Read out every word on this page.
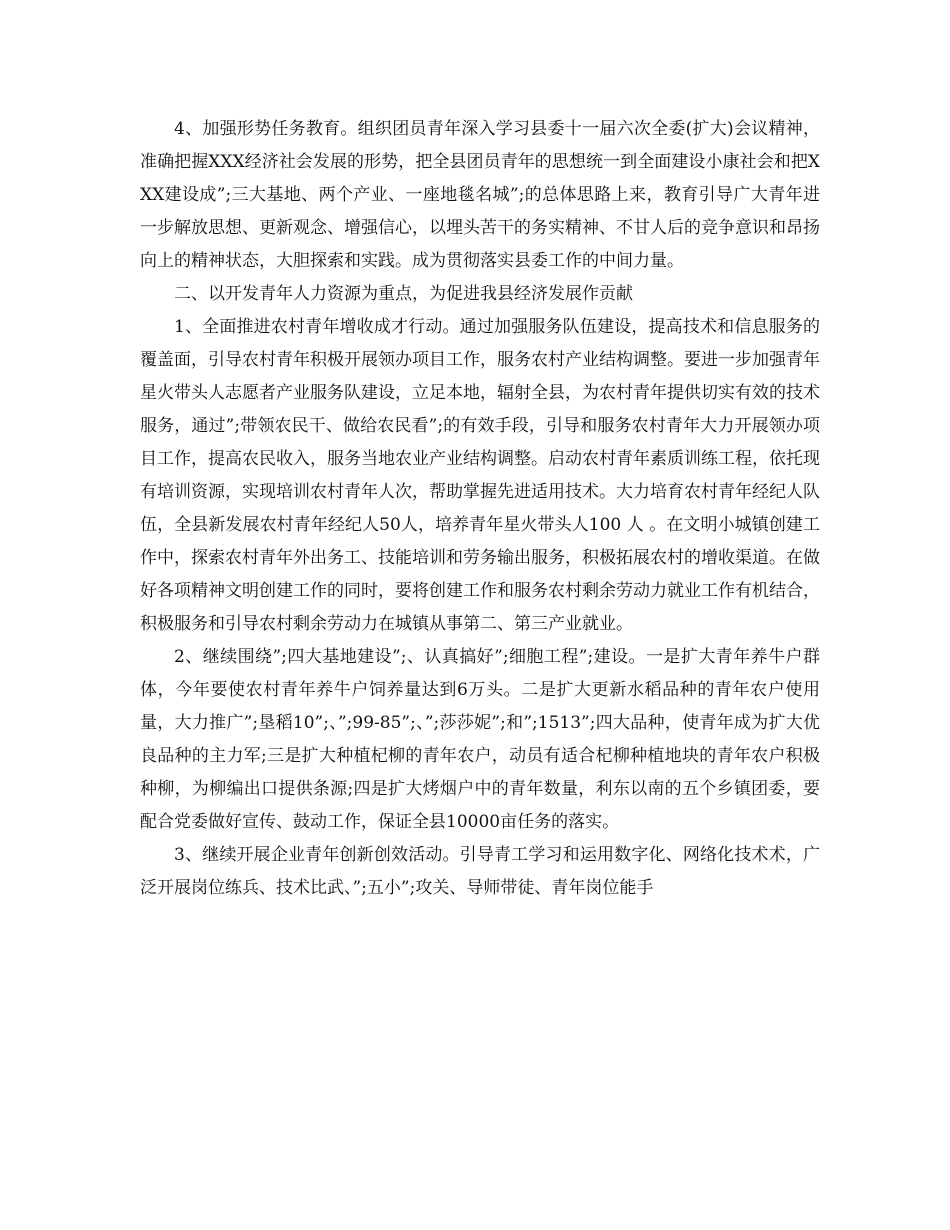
4、加强形势任务教育。组织团员青年深入学习县委十一届六次全委(扩大)会议精神，准确把握XXX经济社会发展的形势，把全县团员青年的思想统一到全面建设小康社会和把XXX建设成”;三大基地、两个产业、一座地毯名城”;的总体思路上来，教育引导广大青年进一步解放思想、更新观念、增强信心，以埋头苦干的务实精神、不甘人后的竞争意识和昂扬向上的精神状态，大胆探索和实践。成为贯彻落实县委工作的中间力量。

二、以开发青年人力资源为重点，为促进我县经济发展作贡献

1、全面推进农村青年增收成才行动。通过加强服务队伍建设，提高技术和信息服务的覆盖面，引导农村青年积极开展领办项目工作，服务农村产业结构调整。要进一步加强青年星火带头人志愿者产业服务队建设，立足本地，辐射全县，为农村青年提供切实有效的技术服务，通过”;带领农民干、做给农民看”;的有效手段，引导和服务农村青年大力开展领办项目工作，提高农民收入，服务当地农业产业结构调整。启动农村青年素质训练工程，依托现有培训资源，实现培训农村青年人次，帮助掌握先进适用技术。大力培育农村青年经纪人队伍，全县新发展农村青年经纪人50人，培养青年星火带头人100 人 。在文明小城镇创建工作中，探索农村青年外出务工、技能培训和劳务输出服务，积极拓展农村的增收渠道。在做好各项精神文明创建工作的同时，要将创建工作和服务农村剩余劳动力就业工作有机结合，积极服务和引导农村剩余劳动力在城镇从事第二、第三产业就业。

2、继续围绕”;四大基地建设”;、认真搞好”;细胞工程”;建设。一是扩大青年养牛户群体，今年要使农村青年养牛户饲养量达到6万头。二是扩大更新水稻品种的青年农户使用量，大力推广”;垦稻10”;、”;99-85”;、”;莎莎妮”;和”;1513”;四大品种，使青年成为扩大优良品种的主力军;三是扩大种植杞柳的青年农户，动员有适合杞柳种植地块的青年农户积极种柳，为柳编出口提供条源;四是扩大烤烟户中的青年数量，利东以南的五个乡镇团委，要配合党委做好宣传、鼓动工作，保证全县10000亩任务的落实。

3、继续开展企业青年创新创效活动。引导青工学习和运用数字化、网络化技术术，广泛开展岗位练兵、技术比武、”;五小”;攻关、导师带徒、青年岗位能手
